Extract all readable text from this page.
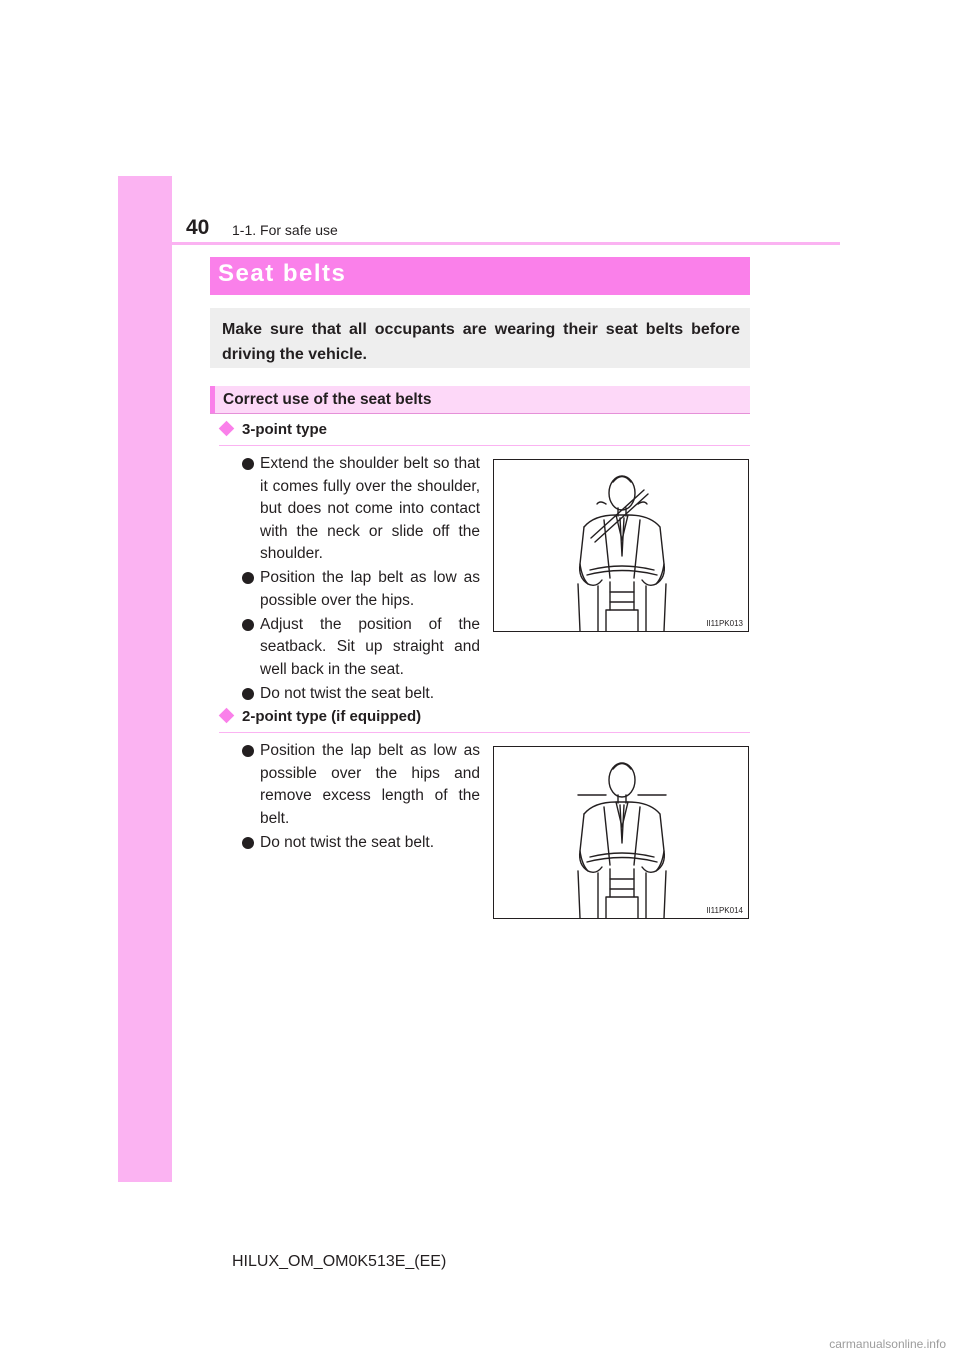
40 1-1. For safe use
Seat belts
Make sure that all occupants are wearing their seat belts before driving the vehicle.
Correct use of the seat belts
3-point type
Extend the shoulder belt so that it comes fully over the shoulder, but does not come into contact with the neck or slide off the shoulder.
Position the lap belt as low as possible over the hips.
Adjust the position of the seatback. Sit up straight and well back in the seat.
Do not twist the seat belt.
II11PK013
2-point type (if equipped)
Position the lap belt as low as possible over the hips and remove excess length of the belt.
Do not twist the seat belt.
II11PK014
HILUX_OM_OM0K513E_(EE)
carmanualsonline.info
